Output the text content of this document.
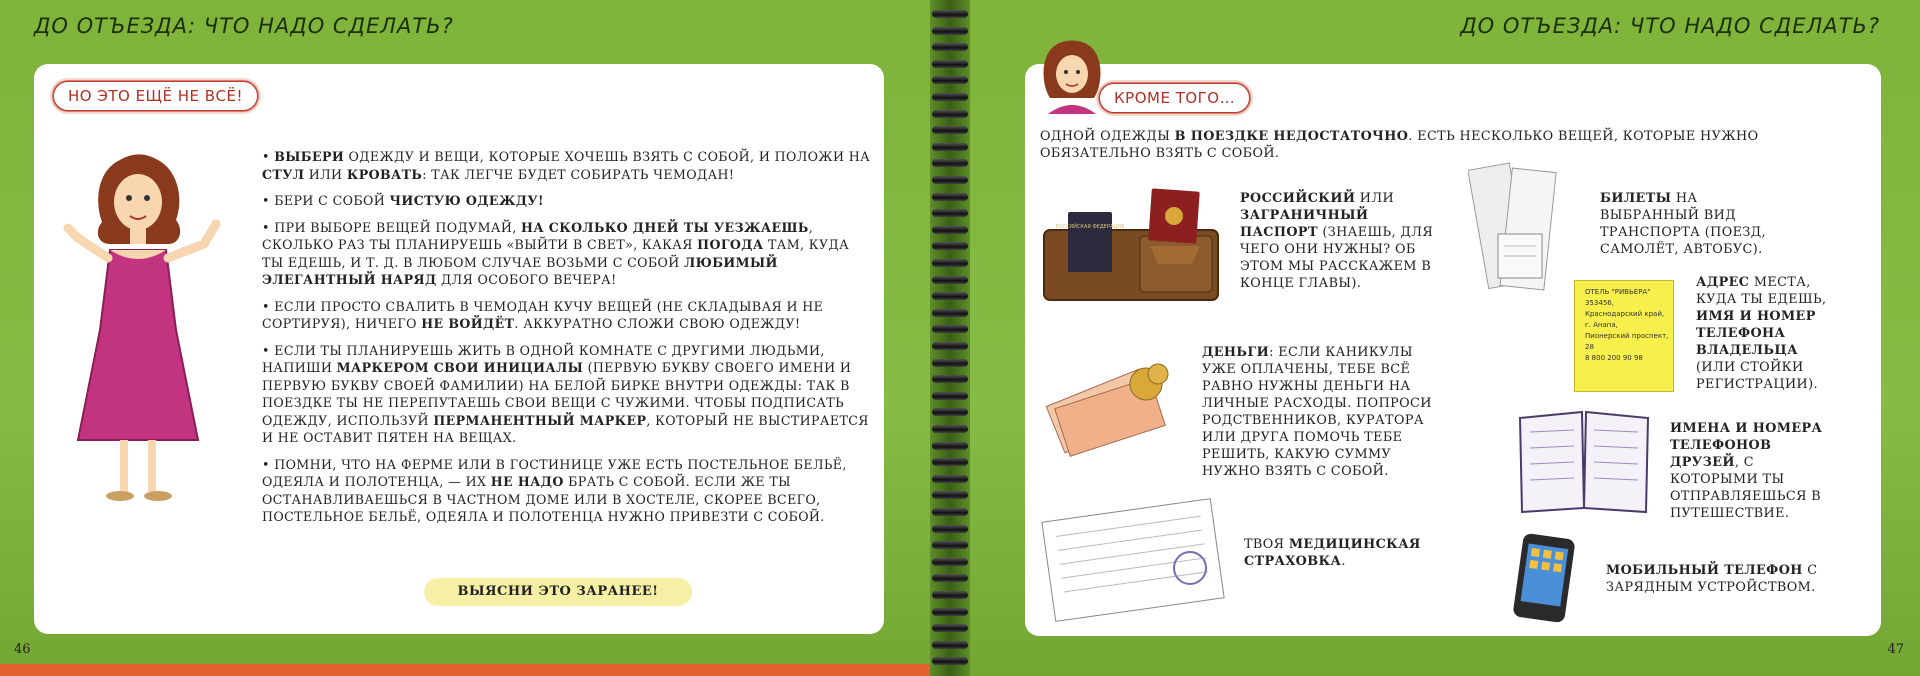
ДО ОТЪЕЗДА: ЧТО НАДО СДЕЛАТЬ?
НО ЭТО ЕЩЁ НЕ ВСЁ!

• ВЫБЕРИ ОДЕЖДУ И ВЕЩИ, КОТОРЫЕ ХОЧЕШЬ ВЗЯТЬ С СОБОЙ, И ПОЛОЖИ НА СТУЛ ИЛИ КРОВАТЬ: ТАК ЛЕГЧЕ БУДЕТ СОБИРАТЬ ЧЕМОДАН!

• БЕРИ С СОБОЙ ЧИСТУЮ ОДЕЖДУ!

• ПРИ ВЫБОРЕ ВЕЩЕЙ ПОДУМАЙ, НА СКОЛЬКО ДНЕЙ ТЫ УЕЗЖАЕШЬ, СКОЛЬКО РАЗ ТЫ ПЛАНИРУЕШЬ «ВЫЙТИ В СВЕТ», КАКАЯ ПОГОДА ТАМ, КУДА ТЫ ЕДЕШЬ, И Т. Д. В ЛЮБОМ СЛУЧАЕ ВОЗЬМИ С СОБОЙ ЛЮБИМЫЙ ЭЛЕГАНТНЫЙ НАРЯД ДЛЯ ОСОБОГО ВЕЧЕРА!

• ЕСЛИ ПРОСТО СВАЛИТЬ В ЧЕМОДАН КУЧУ ВЕЩЕЙ (НЕ СКЛАДЫВАЯ И НЕ СОРТИРУЯ), НИЧЕГО НЕ ВОЙДЁТ. АККУРАТНО СЛОЖИ СВОЮ ОДЕЖДУ!

• ЕСЛИ ТЫ ПЛАНИРУЕШЬ ЖИТЬ В ОДНОЙ КОМНАТЕ С ДРУГИМИ ЛЮДЬМИ, НАПИШИ МАРКЕРОМ СВОИ ИНИЦИАЛЫ (ПЕРВУЮ БУКВУ СВОЕГО ИМЕНИ И ПЕРВУЮ БУКВУ СВОЕЙ ФАМИЛИИ) НА БЕЛОЙ БИРКЕ ВНУТРИ ОДЕЖДЫ: ТАК В ПОЕЗДКЕ ТЫ НЕ ПЕРЕПУТАЕШЬ СВОИ ВЕЩИ С ЧУЖИМИ. ЧТОБЫ ПОДПИСАТЬ ОДЕЖДУ, ИСПОЛЬЗУЙ ПЕРМАНЕНТНЫЙ МАРКЕР, КОТОРЫЙ НЕ ВЫСТИРАЕТСЯ И НЕ ОСТАВИТ ПЯТЕН НА ВЕЩАХ.

• ПОМНИ, ЧТО НА ФЕРМЕ ИЛИ В ГОСТИНИЦЕ УЖЕ ЕСТЬ ПОСТЕЛЬНОЕ БЕЛЬЁ, ОДЕЯЛА И ПОЛОТЕНЦА, — ИХ НЕ НАДО БРАТЬ С СОБОЙ. ЕСЛИ ЖЕ ТЫ ОСТАНАВЛИВАЕШЬСЯ В ЧАСТНОМ ДОМЕ ИЛИ В ХОСТЕЛЕ, СКОРЕЕ ВСЕГО, ПОСТЕЛЬНОЕ БЕЛЬЁ, ОДЕЯЛА И ПОЛОТЕНЦА НУЖНО ПРИВЕЗТИ С СОБОЙ.

ВЫЯСНИ ЭТО ЗАРАНЕЕ!
46
ДО ОТЪЕЗДА: ЧТО НАДО СДЕЛАТЬ?
КРОМЕ ТОГО…
ОДНОЙ ОДЕЖДЫ В ПОЕЗДКЕ НЕДОСТАТОЧНО. ЕСТЬ НЕСКОЛЬКО ВЕЩЕЙ, КОТОРЫЕ НУЖНО ОБЯЗАТЕЛЬНО ВЗЯТЬ С СОБОЙ.
РОССИЙСКАЯ ФЕДЕРАЦИЯ
РОССИЙСКИЙ ИЛИ ЗАГРАНИЧНЫЙ ПАСПОРТ (ЗНАЕШЬ, ДЛЯ ЧЕГО ОНИ НУЖНЫ? ОБ ЭТОМ МЫ РАССКАЖЕМ В КОНЦЕ ГЛАВЫ).
БИЛЕТЫ НА ВЫБРАННЫЙ ВИД ТРАНСПОРТА (ПОЕЗД, САМОЛЁТ, АВТОБУС).
ОТЕЛЬ "РИВЬЕРА"
353456,
Краснодарский край,
г. Анапа,
Пионерский проспект, 28
8 800 200 90 98
АДРЕС МЕСТА, КУДА ТЫ ЕДЕШЬ, ИМЯ И НОМЕР ТЕЛЕФОНА ВЛАДЕЛЬЦА (ИЛИ СТОЙКИ РЕГИСТРАЦИИ).
ДЕНЬГИ: ЕСЛИ КАНИКУЛЫ УЖЕ ОПЛАЧЕНЫ, ТЕБЕ ВСЁ РАВНО НУЖНЫ ДЕНЬГИ НА ЛИЧНЫЕ РАСХОДЫ. ПОПРОСИ РОДСТВЕННИКОВ, КУРАТОРА ИЛИ ДРУГА ПОМОЧЬ ТЕБЕ РЕШИТЬ, КАКУЮ СУММУ НУЖНО ВЗЯТЬ С СОБОЙ.
ИМЕНА И НОМЕРА ТЕЛЕФОНОВ ДРУЗЕЙ, С КОТОРЫМИ ТЫ ОТПРАВЛЯЕШЬСЯ В ПУТЕШЕСТВИЕ.
ТВОЯ МЕДИЦИНСКАЯ СТРАХОВКА.
МОБИЛЬНЫЙ ТЕЛЕФОН С ЗАРЯДНЫМ УСТРОЙСТВОМ.
47
